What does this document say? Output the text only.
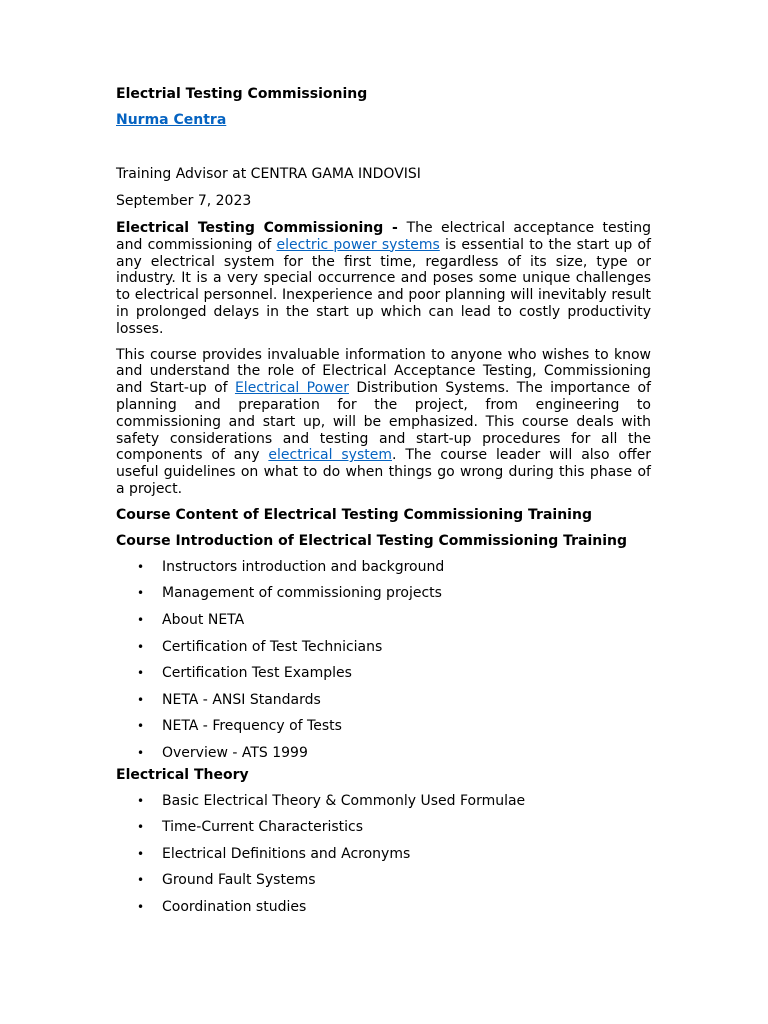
Electrial Testing Commissioning
Nurma Centra
Training Advisor at CENTRA GAMA INDOVISI
September 7, 2023
Electrical Testing Commissioning - The electrical acceptance testing and commissioning of electric power systems is essential to the start up of any electrical system for the first time, regardless of its size, type or industry. It is a very special occurrence and poses some unique challenges to electrical personnel. Inexperience and poor planning will inevitably result in prolonged delays in the start up which can lead to costly productivity losses.
This course provides invaluable information to anyone who wishes to know and understand the role of Electrical Acceptance Testing, Commissioning and Start-up of Electrical Power Distribution Systems. The importance of planning and preparation for the project, from engineering to commissioning and start up, will be emphasized. This course deals with safety considerations and testing and start-up procedures for all the components of any electrical system. The course leader will also offer useful guidelines on what to do when things go wrong during this phase of a project.
Course Content of Electrical Testing Commissioning Training
Course Introduction of Electrical Testing Commissioning Training
• Instructors introduction and background
• Management of commissioning projects
• About NETA
• Certification of Test Technicians
• Certification Test Examples
• NETA - ANSI Standards
• NETA - Frequency of Tests
• Overview - ATS 1999
Electrical Theory
• Basic Electrical Theory & Commonly Used Formulae
• Time-Current Characteristics
• Electrical Definitions and Acronyms
• Ground Fault Systems
• Coordination studies
